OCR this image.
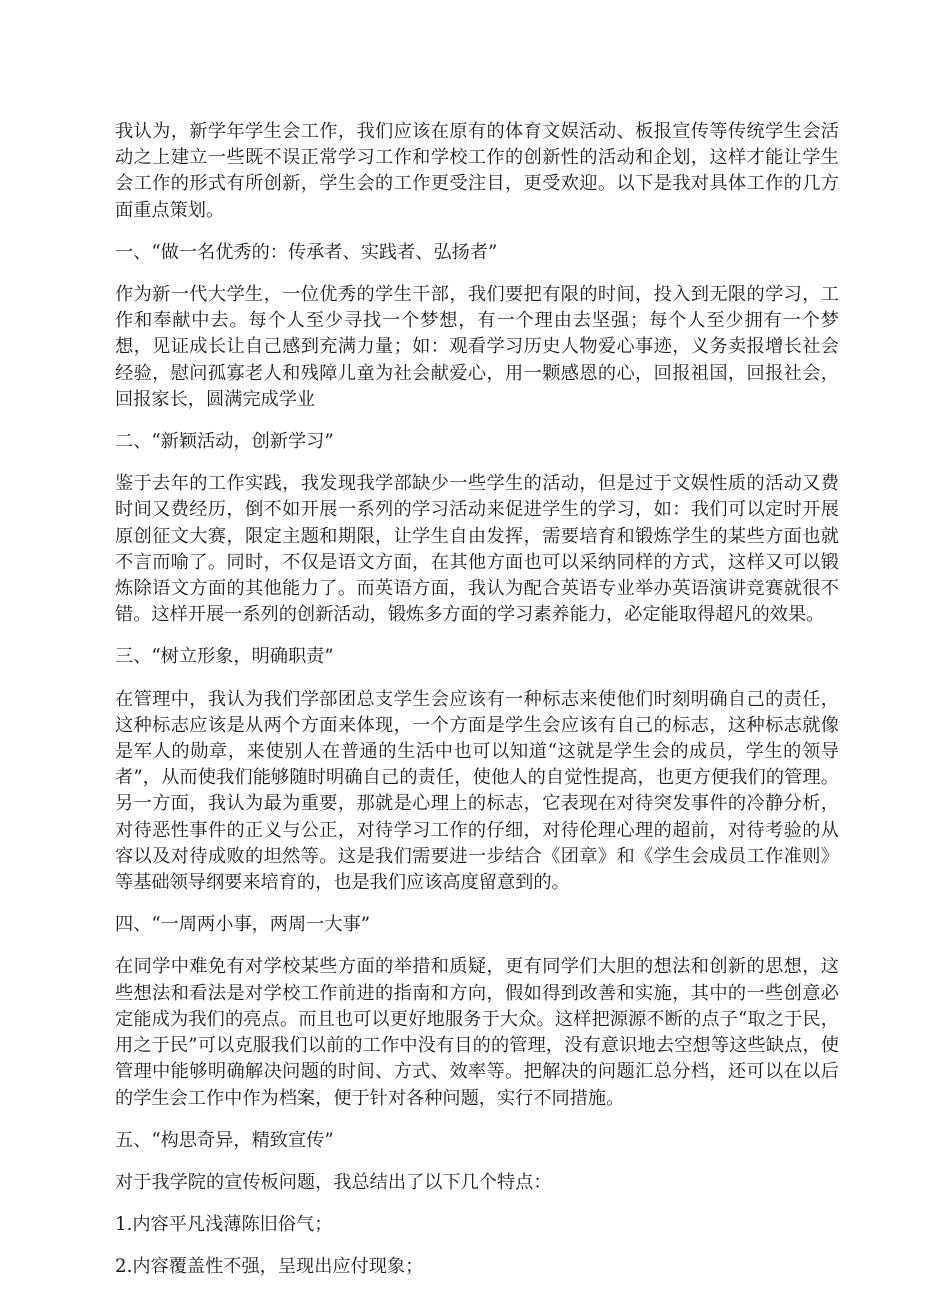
我认为，新学年学生会工作，我们应该在原有的体育文娱活动、板报宣传等传统学生会活动之上建立一些既不误正常学习工作和学校工作的创新性的活动和企划，这样才能让学生会工作的形式有所创新，学生会的工作更受注目，更受欢迎。以下是我对具体工作的几方面重点策划。

一、“做一名优秀的：传承者、实践者、弘扬者”

作为新一代大学生，一位优秀的学生干部，我们要把有限的时间，投入到无限的学习，工作和奉献中去。每个人至少寻找一个梦想，有一个理由去坚强；每个人至少拥有一个梦想，见证成长让自己感到充满力量；如：观看学习历史人物爱心事迹，义务卖报增长社会经验，慰问孤寡老人和残障儿童为社会献爱心，用一颗感恩的心，回报祖国，回报社会，回报家长，圆满完成学业

二、“新颖活动，创新学习”

鉴于去年的工作实践，我发现我学部缺少一些学生的活动，但是过于文娱性质的活动又费时间又费经历，倒不如开展一系列的学习活动来促进学生的学习，如：我们可以定时开展原创征文大赛，限定主题和期限，让学生自由发挥，需要培育和锻炼学生的某些方面也就不言而喻了。同时，不仅是语文方面，在其他方面也可以采纳同样的方式，这样又可以锻炼除语文方面的其他能力了。而英语方面，我认为配合英语专业举办英语演讲竞赛就很不错。这样开展一系列的创新活动，锻炼多方面的学习素养能力，必定能取得超凡的效果。

三、“树立形象，明确职责”

在管理中，我认为我们学部团总支学生会应该有一种标志来使他们时刻明确自己的责任，这种标志应该是从两个方面来体现，一个方面是学生会应该有自己的标志，这种标志就像是军人的勋章，来使别人在普通的生活中也可以知道“这就是学生会的成员，学生的领导者”，从而使我们能够随时明确自己的责任，使他人的自觉性提高，也更方便我们的管理。另一方面，我认为最为重要，那就是心理上的标志，它表现在对待突发事件的冷静分析，对待恶性事件的正义与公正，对待学习工作的仔细，对待伦理心理的超前，对待考验的从容以及对待成败的坦然等。这是我们需要进一步结合《团章》和《学生会成员工作准则》等基础领导纲要来培育的，也是我们应该高度留意到的。

四、“一周两小事，两周一大事”

在同学中难免有对学校某些方面的举措和质疑，更有同学们大胆的想法和创新的思想，这些想法和看法是对学校工作前进的指南和方向，假如得到改善和实施，其中的一些创意必定能成为我们的亮点。而且也可以更好地服务于大众。这样把源源不断的点子“取之于民，用之于民”可以克服我们以前的工作中没有目的的管理，没有意识地去空想等这些缺点，使管理中能够明确解决问题的时间、方式、效率等。把解决的问题汇总分档，还可以在以后的学生会工作中作为档案，便于针对各种问题，实行不同措施。

五、“构思奇异，精致宣传”

对于我学院的宣传板问题，我总结出了以下几个特点：

1.内容平凡浅薄陈旧俗气；

2.内容覆盖性不强，呈现出应付现象；
